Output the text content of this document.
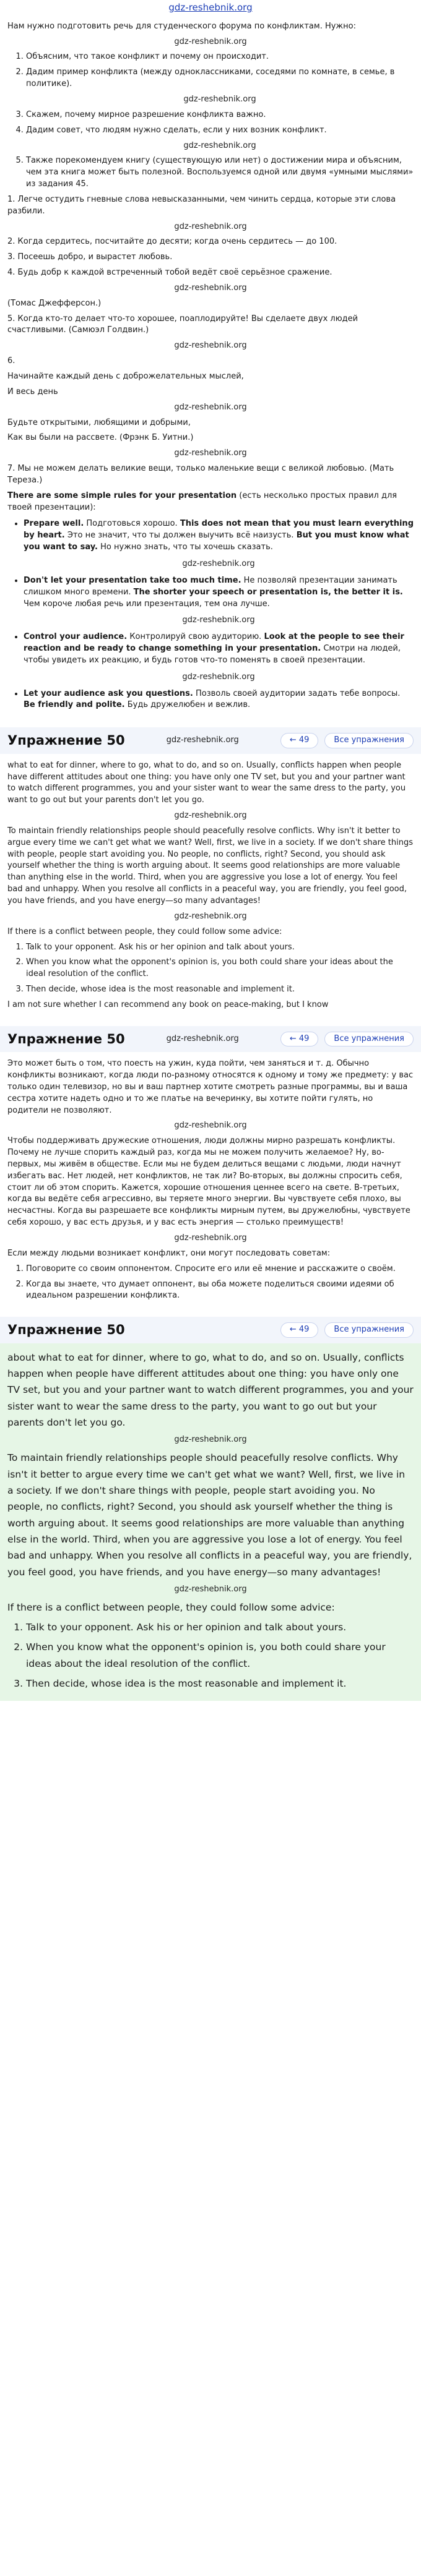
gdz-reshebnik.org
Нам нужно подготовить речь для студенческого форума по конфликтам. Нужно:
gdz-reshebnik.org
1. Объясним, что такое конфликт и почему он происходит.
2. Дадим пример конфликта (между одноклассниками, соседями по комнате, в семье, в политике).
gdz-reshebnik.org
3. Скажем, почему мирное разрешение конфликта важно.
4. Дадим совет, что людям нужно сделать, если у них возник конфликт.
gdz-reshebnik.org
5. Также порекомендуем книгу (существующую или нет) о достижении мира и объясним, чем эта книга может быть полезной. Воспользуемся одной или двумя «умными мыслями» из задания 45.
1. Легче остудить гневные слова невысказанными, чем чинить сердца, которые эти слова разбили.
gdz-reshebnik.org
2. Когда сердитесь, посчитайте до десяти; когда очень сердитесь — до 100.
3. Посеешь добро, и вырастет любовь.
4. Будь добр к каждой встреченный тобой ведёт своё серьёзное сражение.
gdz-reshebnik.org
(Томас Джефферсон.)
5. Когда кто-то делает что-то хорошее, поаплодируйте! Вы сделаете двух людей счастливыми. (Самюэл Голдвин.)
gdz-reshebnik.org
6.
Начинайте каждый день с доброжелательных мыслей,
И весь день
gdz-reshebnik.org
Будьте открытыми, любящими и добрыми,
Как вы были на рассвете. (Фрэнк Б. Уитни.)
gdz-reshebnik.org
7. Мы не можем делать великие вещи, только маленькие вещи с великой любовью. (Мать Тереза.)
There are some simple rules for your presentation (есть несколько простых правил для твоей презентации):
• Prepare well. Подготовься хорошо. This does not mean that you must learn everything by heart. Это не значит, что ты должен выучить всё наизусть. But you must know what you want to say. Но нужно знать, что ты хочешь сказать.
gdz-reshebnik.org
• Don't let your presentation take too much time. Не позволяй презентации занимать слишком много времени. The shorter your speech or presentation is, the better it is. Чем короче любая речь или презентация, тем она лучше.
gdz-reshebnik.org
• Control your audience. Контролируй свою аудиторию. Look at the people to see their reaction and be ready to change something in your presentation. Смотри на людей, чтобы увидеть их реакцию, и будь готов что-то поменять в своей презентации.
gdz-reshebnik.org
• Let your audience ask you questions. Позволь своей аудитории задать тебе вопросы. Be friendly and polite. Будь дружелюбен и вежлив.
Упражнение 50	gdz-reshebnik.org	← 49	Все упражнения
what to eat for dinner, where to go, what to do, and so on. Usually, conflicts happen when people have different attitudes about one thing: you have only one TV set, but you and your partner want to watch different programmes, you and your sister want to wear the same dress to the party, you want to go out but your parents don't let you go.
gdz-reshebnik.org
To maintain friendly relationships people should peacefully resolve conflicts. Why isn't it better to argue every time we can't get what we want? Well, first, we live in a society. If we don't share things with people, people start avoiding you. No people, no conflicts, right? Second, you should ask yourself whether the thing is worth arguing about. It seems good relationships are more valuable than anything else in the world. Third, when you are aggressive you lose a lot of energy. You feel bad and unhappy. When you resolve all conflicts in a peaceful way, you are friendly, you feel good, you have friends, and you have energy—so many advantages!
gdz-reshebnik.org
If there is a conflict between people, they could follow some advice:
1. Talk to your opponent. Ask his or her opinion and talk about yours.
2. When you know what the opponent's opinion is, you both could share your ideas about the ideal resolution of the conflict.
3. Then decide, whose idea is the most reasonable and implement it.
I am not sure whether I can recommend any book on peace-making, but I know
Упражнение 50	gdz-reshebnik.org	← 49	Все упражнения
Это может быть о том, что поесть на ужин, куда пойти, чем заняться и т. д. Обычно конфликты возникают, когда люди по-разному относятся к одному и тому же предмету: у вас только один телевизор, но вы и ваш партнер хотите смотреть разные программы, вы и ваша сестра хотите надеть одно и то же платье на вечеринку, вы хотите пойти гулять, но родители не позволяют.
gdz-reshebnik.org
Чтобы поддерживать дружеские отношения, люди должны мирно разрешать конфликты. Почему не лучше спорить каждый раз, когда мы не можем получить желаемое? Ну, во-первых, мы живём в обществе. Если мы не будем делиться вещами с людьми, люди начнут избегать вас. Нет людей, нет конфликтов, не так ли? Во-вторых, вы должны спросить себя, стоит ли об этом спорить. Кажется, хорошие отношения ценнее всего на свете. В-третьих, когда вы ведёте себя агрессивно, вы теряете много энергии. Вы чувствуете себя плохо, вы несчастны. Когда вы разрешаете все конфликты мирным путем, вы дружелюбны, чувствуете себя хорошо, у вас есть друзья, и у вас есть энергия — столько преимуществ!
gdz-reshebnik.org
Если между людьми возникает конфликт, они могут последовать советам:
1. Поговорите со своим оппонентом. Спросите его или её мнение и расскажите о своём.
2. Когда вы знаете, что думает оппонент, вы оба можете поделиться своими идеями об идеальном разрешении конфликта.
Упражнение 50	← 49	Все упражнения
about what to eat for dinner, where to go, what to do, and so on. Usually, conflicts happen when people have different attitudes about one thing: you have only one TV set, but you and your partner want to watch different programmes, you and your sister want to wear the same dress to the party, you want to go out but your parents don't let you go.
gdz-reshebnik.org
To maintain friendly relationships people should peacefully resolve conflicts. Why isn't it better to argue every time we can't get what we want? Well, first, we live in a society. If we don't share things with people, people start avoiding you. No people, no conflicts, right? Second, you should ask yourself whether the thing is worth arguing about. It seems good relationships are more valuable than anything else in the world. Third, when you are aggressive you lose a lot of energy. You feel bad and unhappy. When you resolve all conflicts in a peaceful way, you are friendly, you feel good, you have friends, and you have energy—so many advantages!
gdz-reshebnik.org
If there is a conflict between people, they could follow some advice:
1. Talk to your opponent. Ask his or her opinion and talk about yours.
2. When you know what the opponent's opinion is, you both could share your ideas about the ideal resolution of the conflict.
3. Then decide, whose idea is the most reasonable and implement it.
